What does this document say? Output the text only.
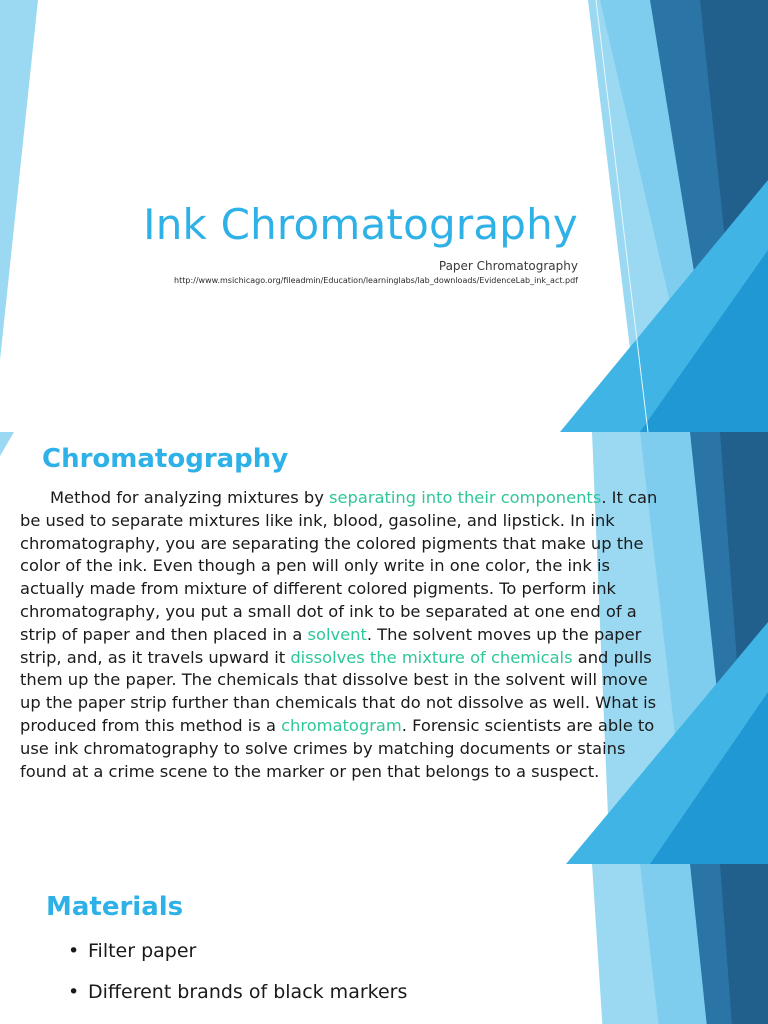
Ink Chromatography
Paper Chromatography
http://www.msichicago.org/fileadmin/Education/learninglabs/lab_downloads/EvidenceLab_ink_act.pdf
Chromatography

Method for analyzing mixtures by separating into their components. It can be used to separate mixtures like ink, blood, gasoline, and lipstick. In ink chromatography, you are separating the colored pigments that make up the color of the ink. Even though a pen will only write in one color, the ink is actually made from mixture of different colored pigments. To perform ink chromatography, you put a small dot of ink to be separated at one end of a strip of paper and then placed in a solvent. The solvent moves up the paper strip, and, as it travels upward it dissolves the mixture of chemicals and pulls them up the paper. The chemicals that dissolve best in the solvent will move up the paper strip further than chemicals that do not dissolve as well. What is produced from this method is a chromatogram. Forensic scientists are able to use ink chromatography to solve crimes by matching documents or stains found at a crime scene to the marker or pen that belongs to a suspect.

Materials
• Filter paper
• Different brands of black markers
